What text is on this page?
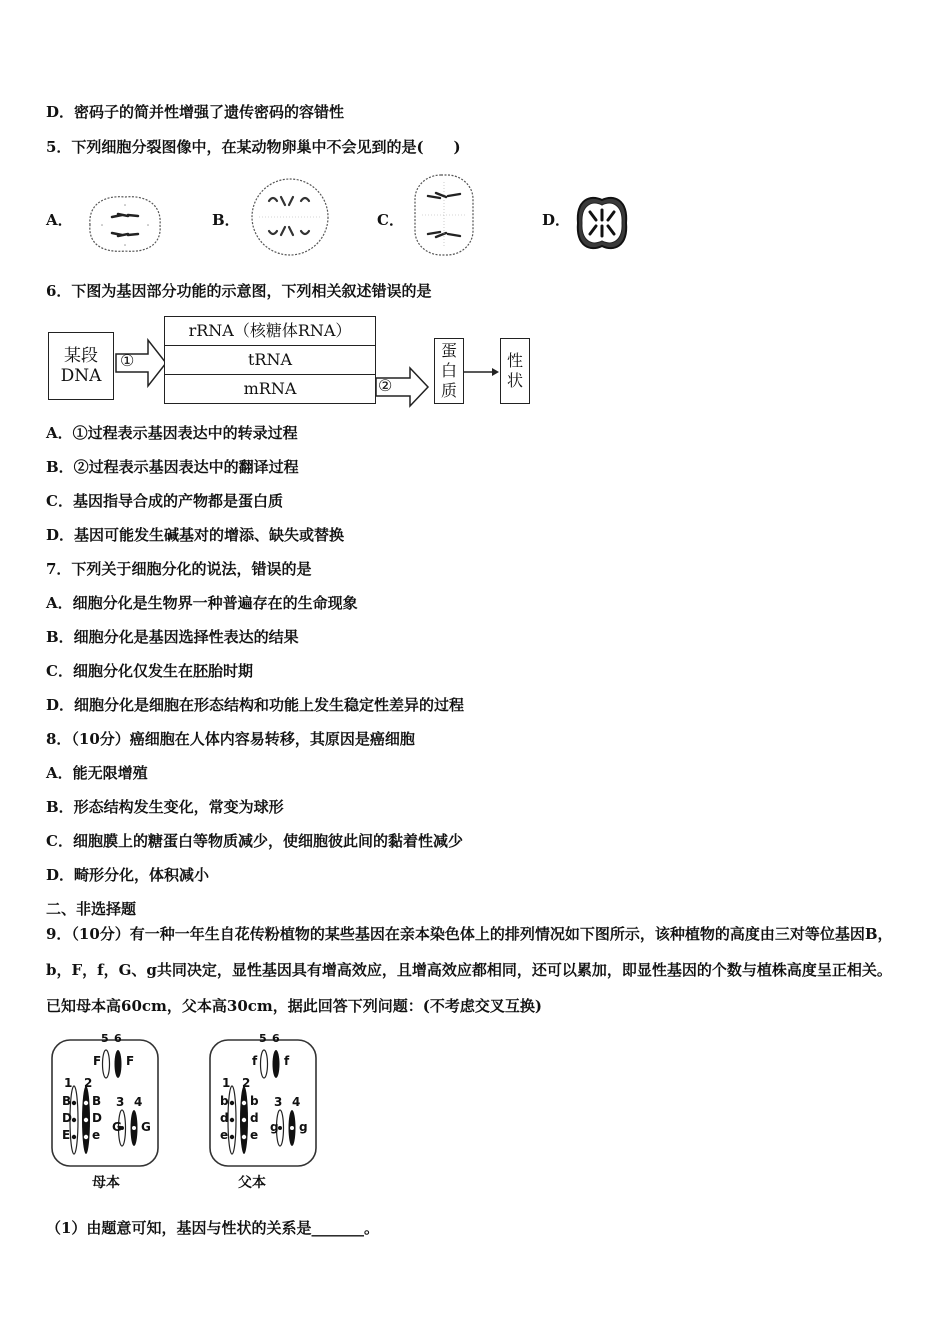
D．密码子的简并性增强了遗传密码的容错性
5．下列细胞分裂图像中，在某动物卵巢中不会见到的是(　　)
A．	B．	C．	D．
6．下图为基因部分功能的示意图，下列相关叙述错误的是
某段DNA
①
rRNA（核糖体RNA）
tRNA
mRNA	②
蛋白质
性状
A．①过程表示基因表达中的转录过程
B．②过程表示基因表达中的翻译过程
C．基因指导合成的产物都是蛋白质
D．基因可能发生碱基对的增添、缺失或替换
7．下列关于细胞分化的说法，错误的是
A．细胞分化是生物界一种普遍存在的生命现象
B．细胞分化是基因选择性表达的结果
C．细胞分化仅发生在胚胎时期
D．细胞分化是细胞在形态结构和功能上发生稳定性差异的过程
8．（10分）癌细胞在人体内容易转移，其原因是癌细胞
A．能无限增殖
B．形态结构发生变化，常变为球形
C．细胞膜上的糖蛋白等物质减少，使细胞彼此间的黏着性减少
D．畸形分化，体积减小
二、非选择题
9．（10分）有一种一年生自花传粉植物的某些基因在亲本染色体上的排列情况如下图所示，该种植物的高度由三对等位基因B，b，F，f，G、g共同决定，显性基因具有增高效应，且增高效应都相同，还可以累加，即显性基因的个数与植株高度呈正相关。已知母本高60cm，父本高30cm，据此回答下列问题：(不考虑交叉互换)
5 6
F F
1 2
B
D
E
B
D
e
3 4
G G
母本
5 6
f f
1 2
b
d
e
b
d
e
3 4
g g
父本
（1）由题意可知，基因与性状的关系是_______。
